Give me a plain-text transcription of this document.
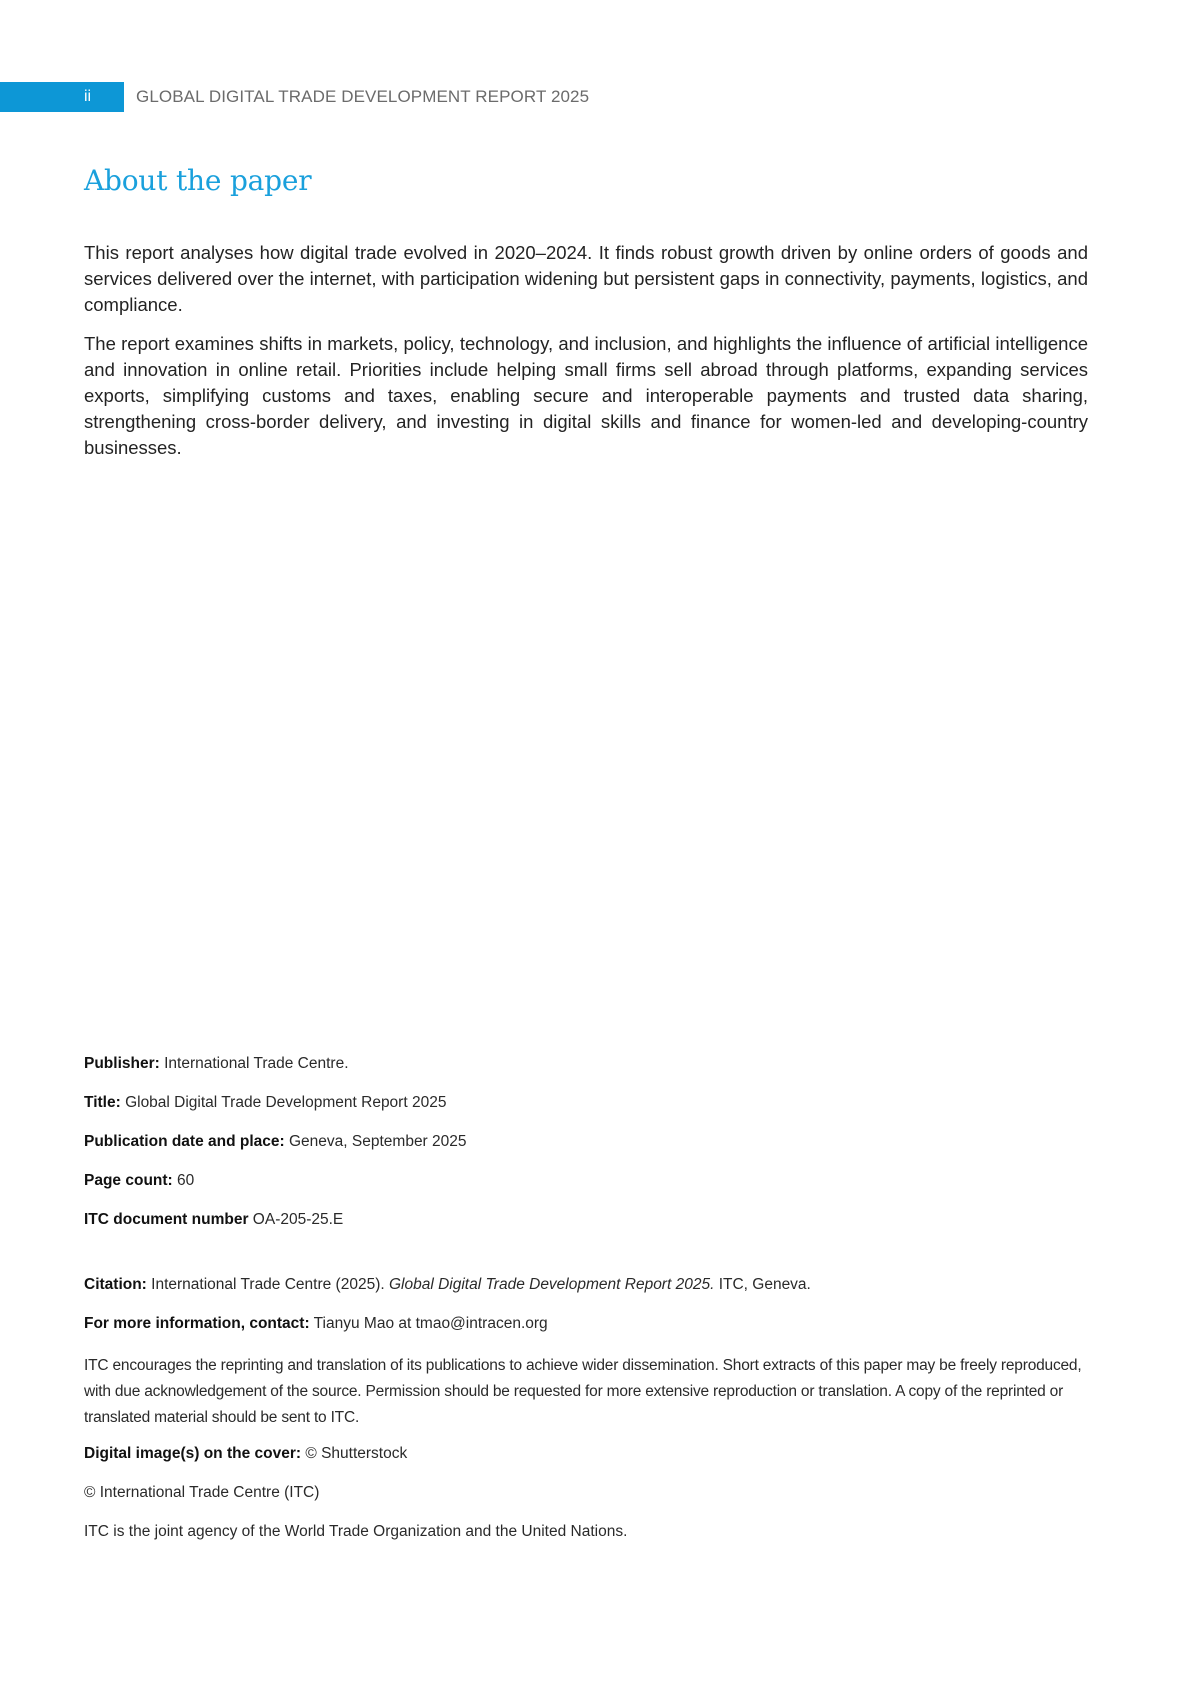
ii	GLOBAL DIGITAL TRADE DEVELOPMENT REPORT 2025
About the paper

This report analyses how digital trade evolved in 2020–2024. It finds robust growth driven by online orders of goods and services delivered over the internet, with participation widening but persistent gaps in connectivity, payments, logistics, and compliance.

The report examines shifts in markets, policy, technology, and inclusion, and highlights the influence of artificial intelligence and innovation in online retail. Priorities include helping small firms sell abroad through platforms, expanding services exports, simplifying customs and taxes, enabling secure and interoperable payments and trusted data sharing, strengthening cross-border delivery, and investing in digital skills and finance for women-led and developing-country businesses.

Publisher: International Trade Centre.
Title: Global Digital Trade Development Report 2025
Publication date and place: Geneva, September 2025
Page count: 60
ITC document number OA-205-25.E
Citation: International Trade Centre (2025). Global Digital Trade Development Report 2025. ITC, Geneva.
For more information, contact: Tianyu Mao at tmao@intracen.org

ITC encourages the reprinting and translation of its publications to achieve wider dissemination. Short extracts of this paper may be freely reproduced, with due acknowledgement of the source. Permission should be requested for more extensive reproduction or translation. A copy of the reprinted or translated material should be sent to ITC.

Digital image(s) on the cover: © Shutterstock
© International Trade Centre (ITC)
ITC is the joint agency of the World Trade Organization and the United Nations.
